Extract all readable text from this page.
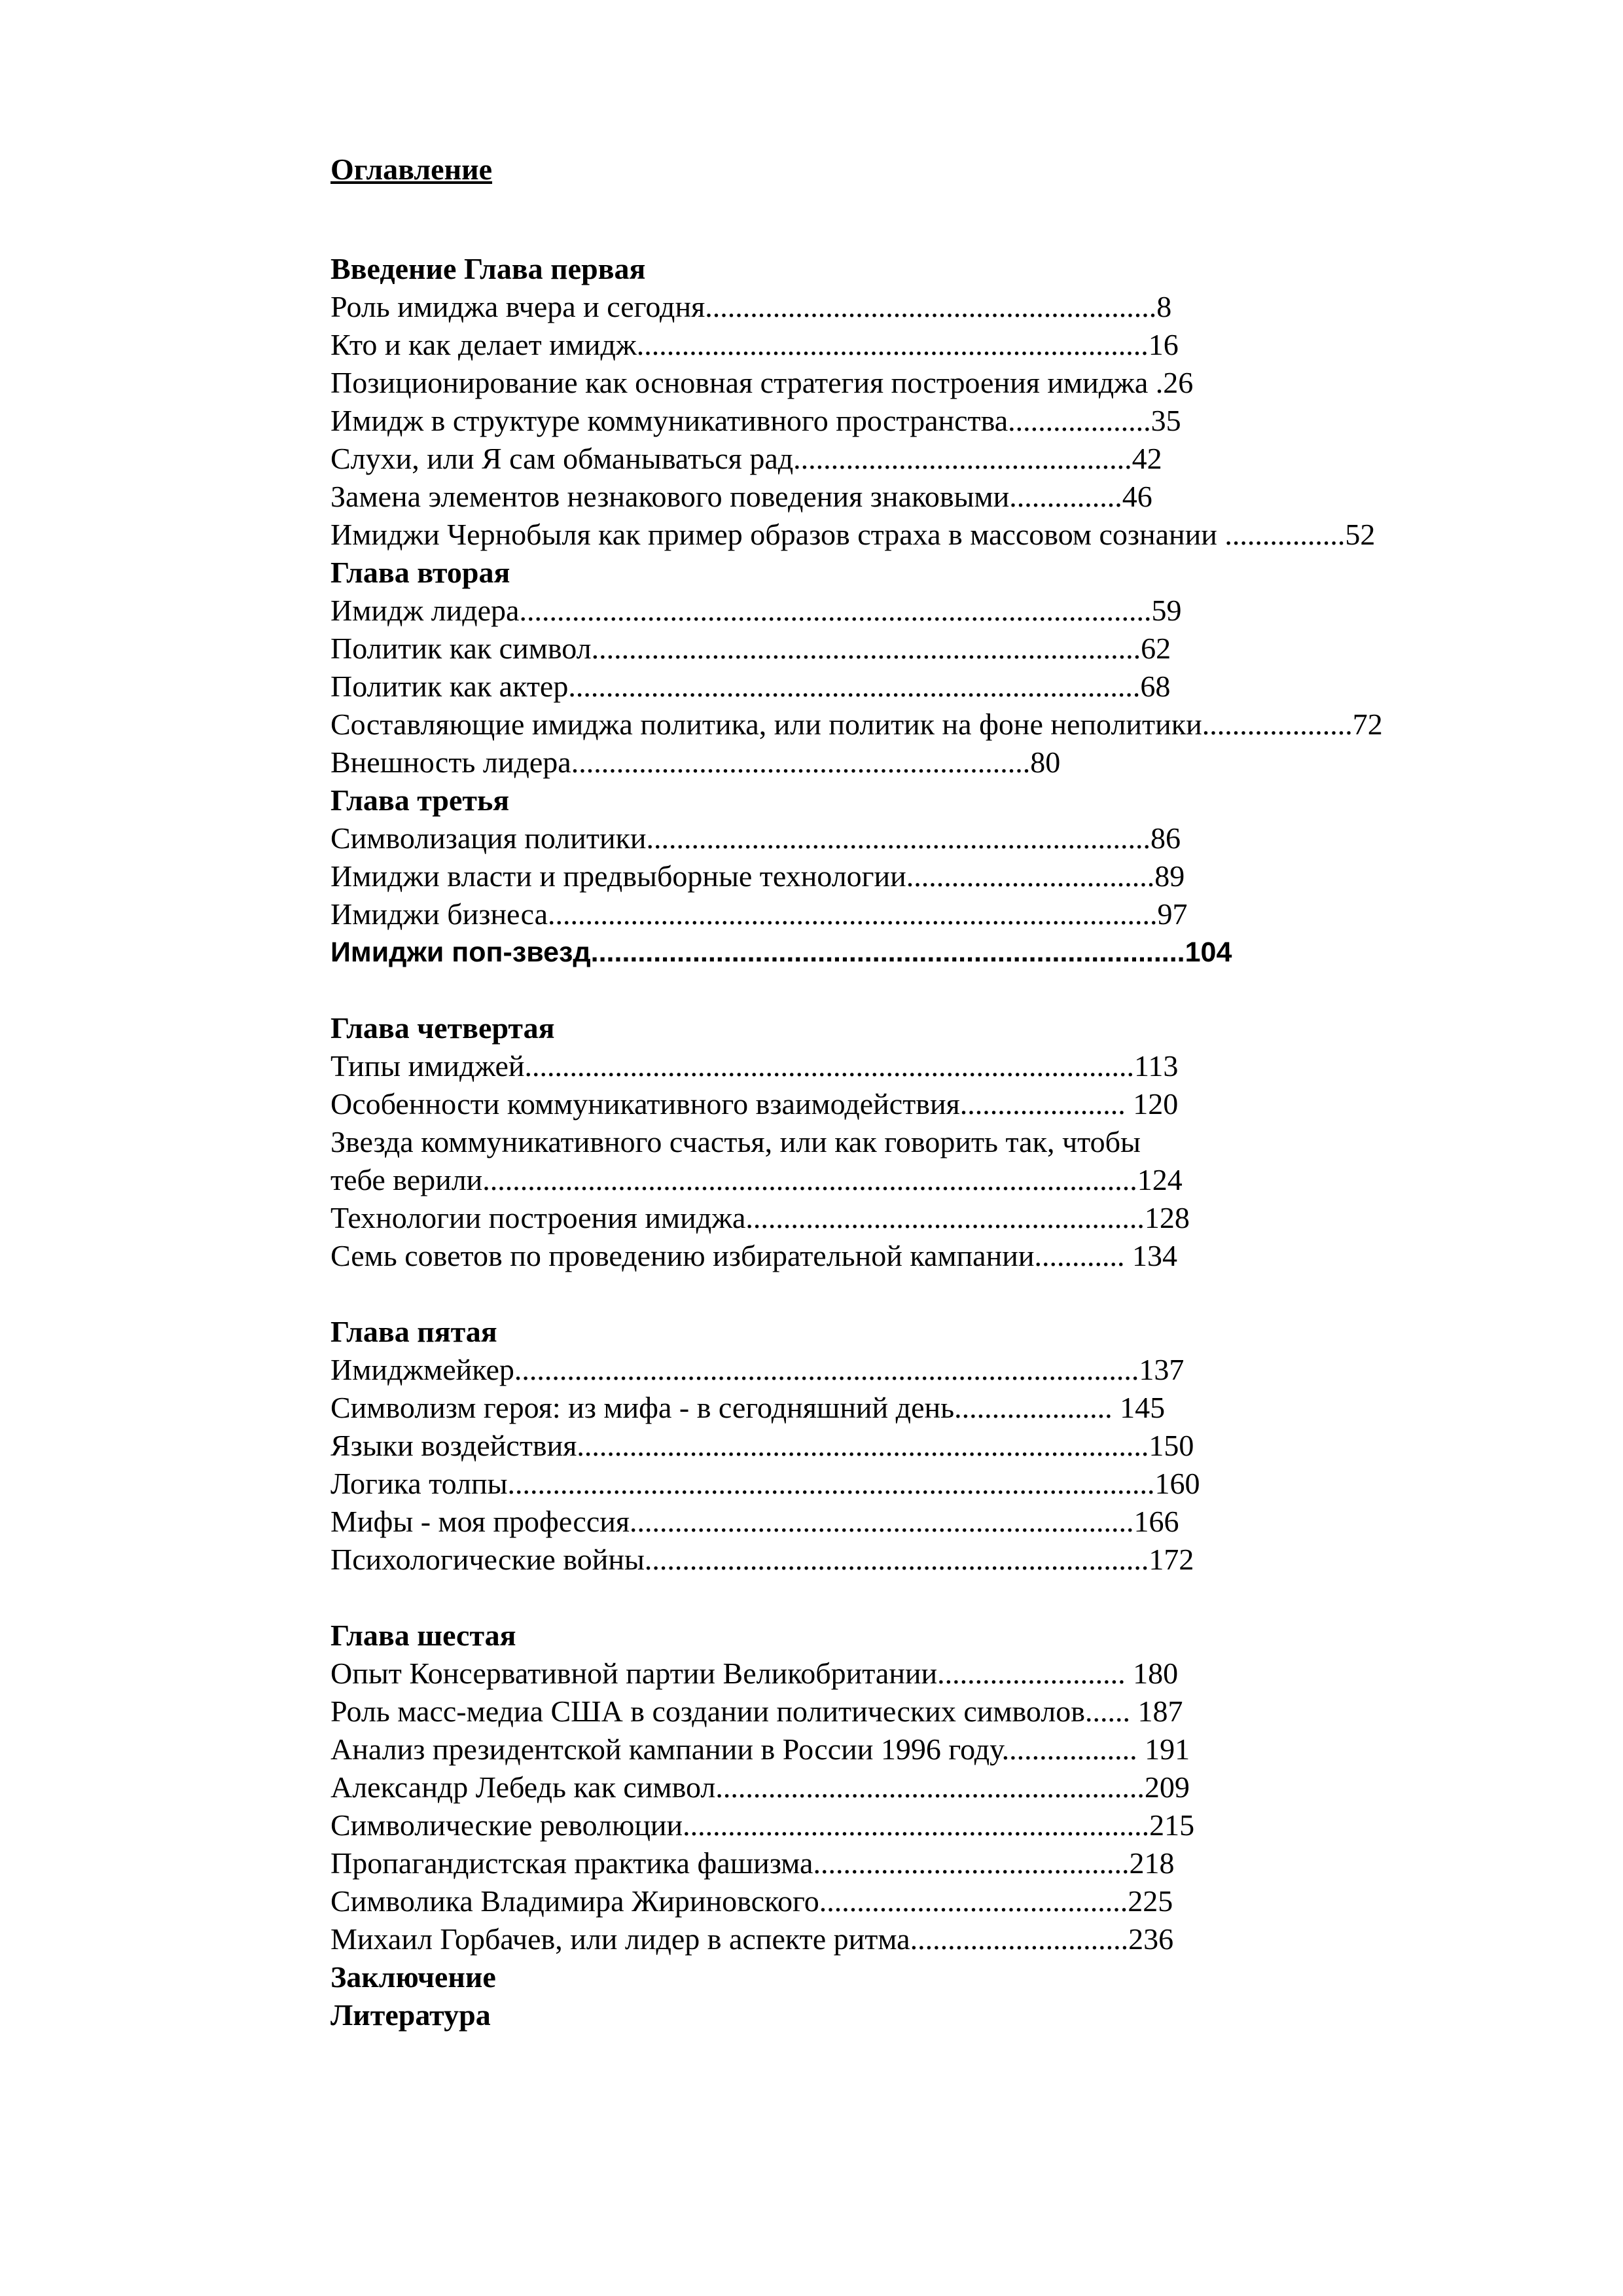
Оглавление
Введение Глава первая
Роль имиджа вчера и сегодня............................................................8
Кто и как делает имидж....................................................................16
Позиционирование как основная стратегия построения имиджа .26
Имидж в структуре коммуникативного пространства...................35
Слухи, или Я сам обманываться рад.............................................42
Замена элементов незнакового поведения знаковыми...............46
Имиджи Чернобыля как пример образов страха в массовом сознании ................52
Глава вторая
Имидж лидера....................................................................................59
Политик как символ.........................................................................62
Политик как актер............................................................................68
Составляющие имиджа политика, или политик на фоне неполитики....................72
Внешность лидера.............................................................80
Глава третья
Символизация политики...................................................................86
Имиджи власти и предвыборные технологии.................................89
Имиджи бизнеса.................................................................................97
Имиджи поп-звезд............................................................................104
Глава четвертая
Типы имиджей.................................................................................113
Особенности коммуникативного взаимодействия...................... 120
Звезда коммуникативного счастья, или как говорить так, чтобы
тебе верили.......................................................................................124
Технологии построения имиджа.....................................................128
Семь советов по проведению избирательной кампании............ 134
Глава пятая
Имиджмейкер...................................................................................137
Символизм героя: из мифа - в сегодняшний день..................... 145
Языки воздействия............................................................................150
Логика толпы......................................................................................160
Мифы - моя профессия...................................................................166
Психологические войны...................................................................172
Глава шестая
Опыт Консервативной партии Великобритании......................... 180
Роль масс-медиа США в создании политических символов...... 187
Анализ президентской кампании в России 1996 году.................. 191
Александр Лебедь как символ.........................................................209
Символические революции..............................................................215
Пропагандистская практика фашизма..........................................218
Символика Владимира Жириновского.........................................225
Михаил Горбачев, или лидер в аспекте ритма.............................236
Заключение
Литература
